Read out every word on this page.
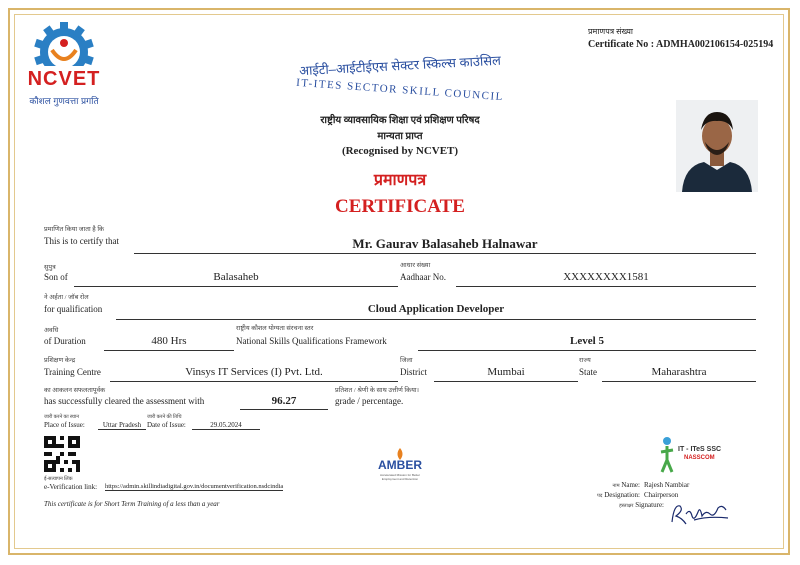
NCVET
कौशल गुणवत्ता प्रगति
आईटी–आईटीईएस सेक्टर स्किल्स काउंसिल
IT-ITES SECTOR SKILL COUNCIL
राष्ट्रीय व्यावसायिक शिक्षा एवं प्रशिक्षण परिषद
मान्यता प्राप्त
(Recognised by NCVET)
प्रमाणपत्र
CERTIFICATE
प्रमाणपत्र संख्या
Certificate No : ADMHA002106154-025194
प्रमाणित किया जाता है कि
This is to certify that	Mr. Gaurav Balasaheb Halnawar
सुपुत्र
Son of	Balasaheb
आधार संख्या
Aadhaar No.	XXXXXXXX1581
ने अर्हता / जॉब रोल
for qualification	Cloud Application Developer
अवधि
of Duration	480 Hrs
राष्ट्रीय कौशल योग्यता संरचना स्तर
National Skills Qualifications Framework	Level 5
प्रशिक्षण केन्द्र
Training Centre	Vinsys IT Services (I) Pvt. Ltd.
जिला
District	Mumbai
राज्य
State	Maharashtra
का आकलन सफलतापूर्वक
has successfully cleared the assessment with	96.27
प्रतिशत / श्रेणी के साथ उत्तीर्ण किया।
grade / percentage.
जारी करने का स्थान
Place of Issue:	Uttar Pradesh
जारी करने की तिथि
Date of Issue:	29.05.2024
ई-सत्यापन लिंक
e-Verification link: https://admin.skillindiadigital.gov.in/documentverification.nsdcindia
This certificate is for Short Term Training of a less than a year
AMBER
Accelerated Mission for Better Employment and Retention
IT - ITeS SSC
NASSCOM
नाम Name: Rajesh Nambiar
पद Designation: Chairperson
हस्ताक्षर Signature:
